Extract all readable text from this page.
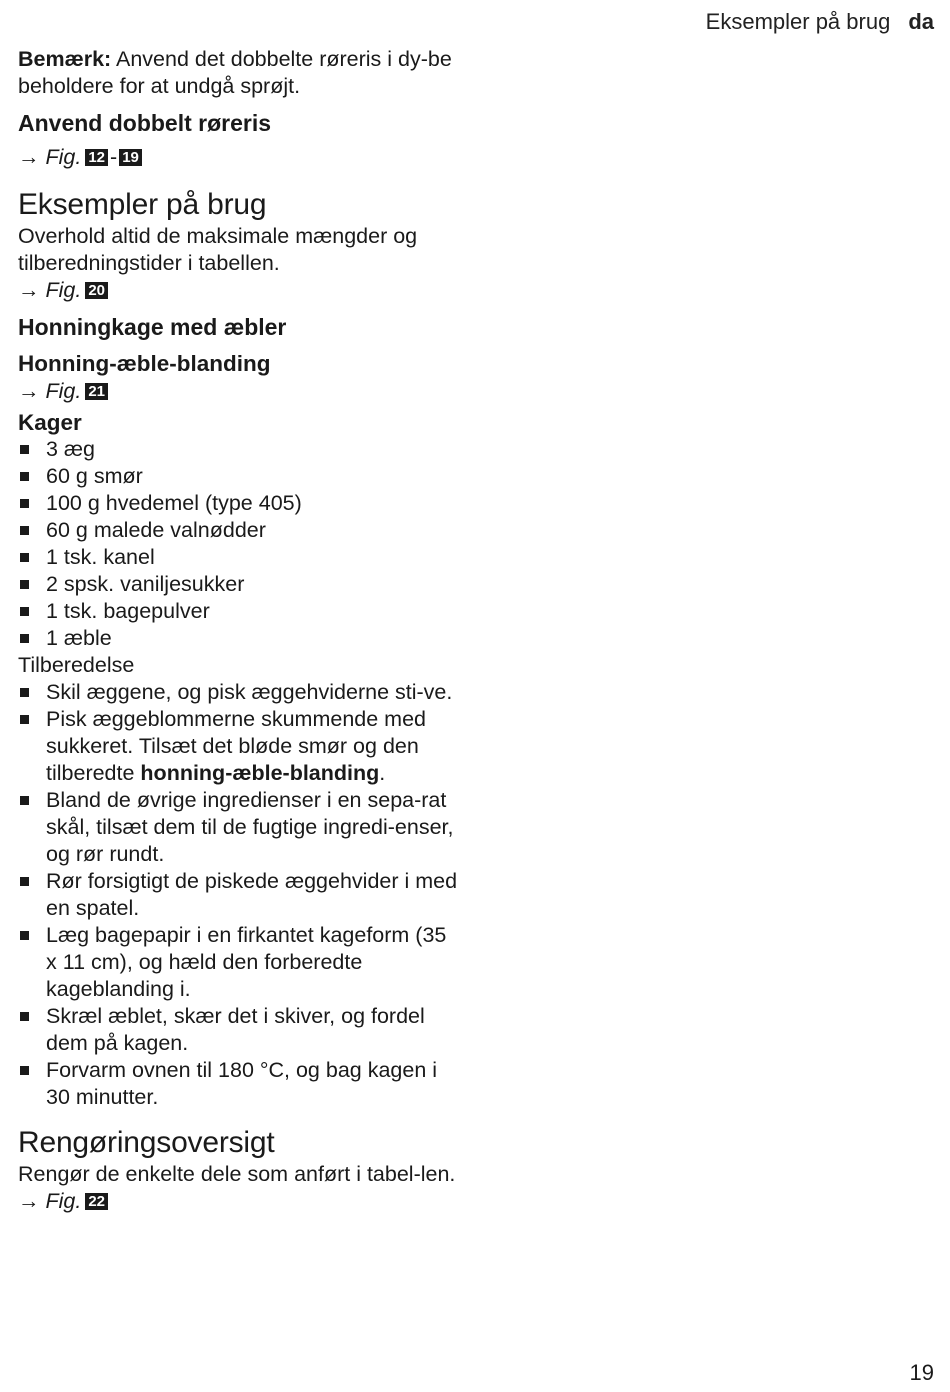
Eksempler på brug da

Bemærk: Anvend det dobbelte røreris i dy-be beholdere for at undgå sprøjt.

Anvend dobbelt røreris

→ Fig. 12 - 19

Eksempler på brug

Overhold altid de maksimale mængder og tilberedningstider i tabellen.

→ Fig. 20

Honningkage med æbler
Honning-æble-blanding

→ Fig. 21

Kager
3 æg
60 g smør
100 g hvedemel (type 405)
60 g malede valnødder
1 tsk. kanel
2 spsk. vaniljesukker
1 tsk. bagepulver
1 æble

Tilberedelse

Skil æggene, og pisk æggehviderne sti-ve.
Pisk æggeblommerne skummende med sukkeret. Tilsæt det bløde smør og den tilberedte honning-æble-blanding.
Bland de øvrige ingredienser i en sepa-rat skål, tilsæt dem til de fugtige ingredi-enser, og rør rundt.
Rør forsigtigt de piskede æggehvider i med en spatel.
Læg bagepapir i en firkantet kageform (35 x 11 cm), og hæld den forberedte kageblanding i.
Skræl æblet, skær det i skiver, og fordel dem på kagen.
Forvarm ovnen til 180 °C, og bag kagen i 30 minutter.
Rengøringsoversigt

Rengør de enkelte dele som anført i tabel-len.

→ Fig. 22

19
